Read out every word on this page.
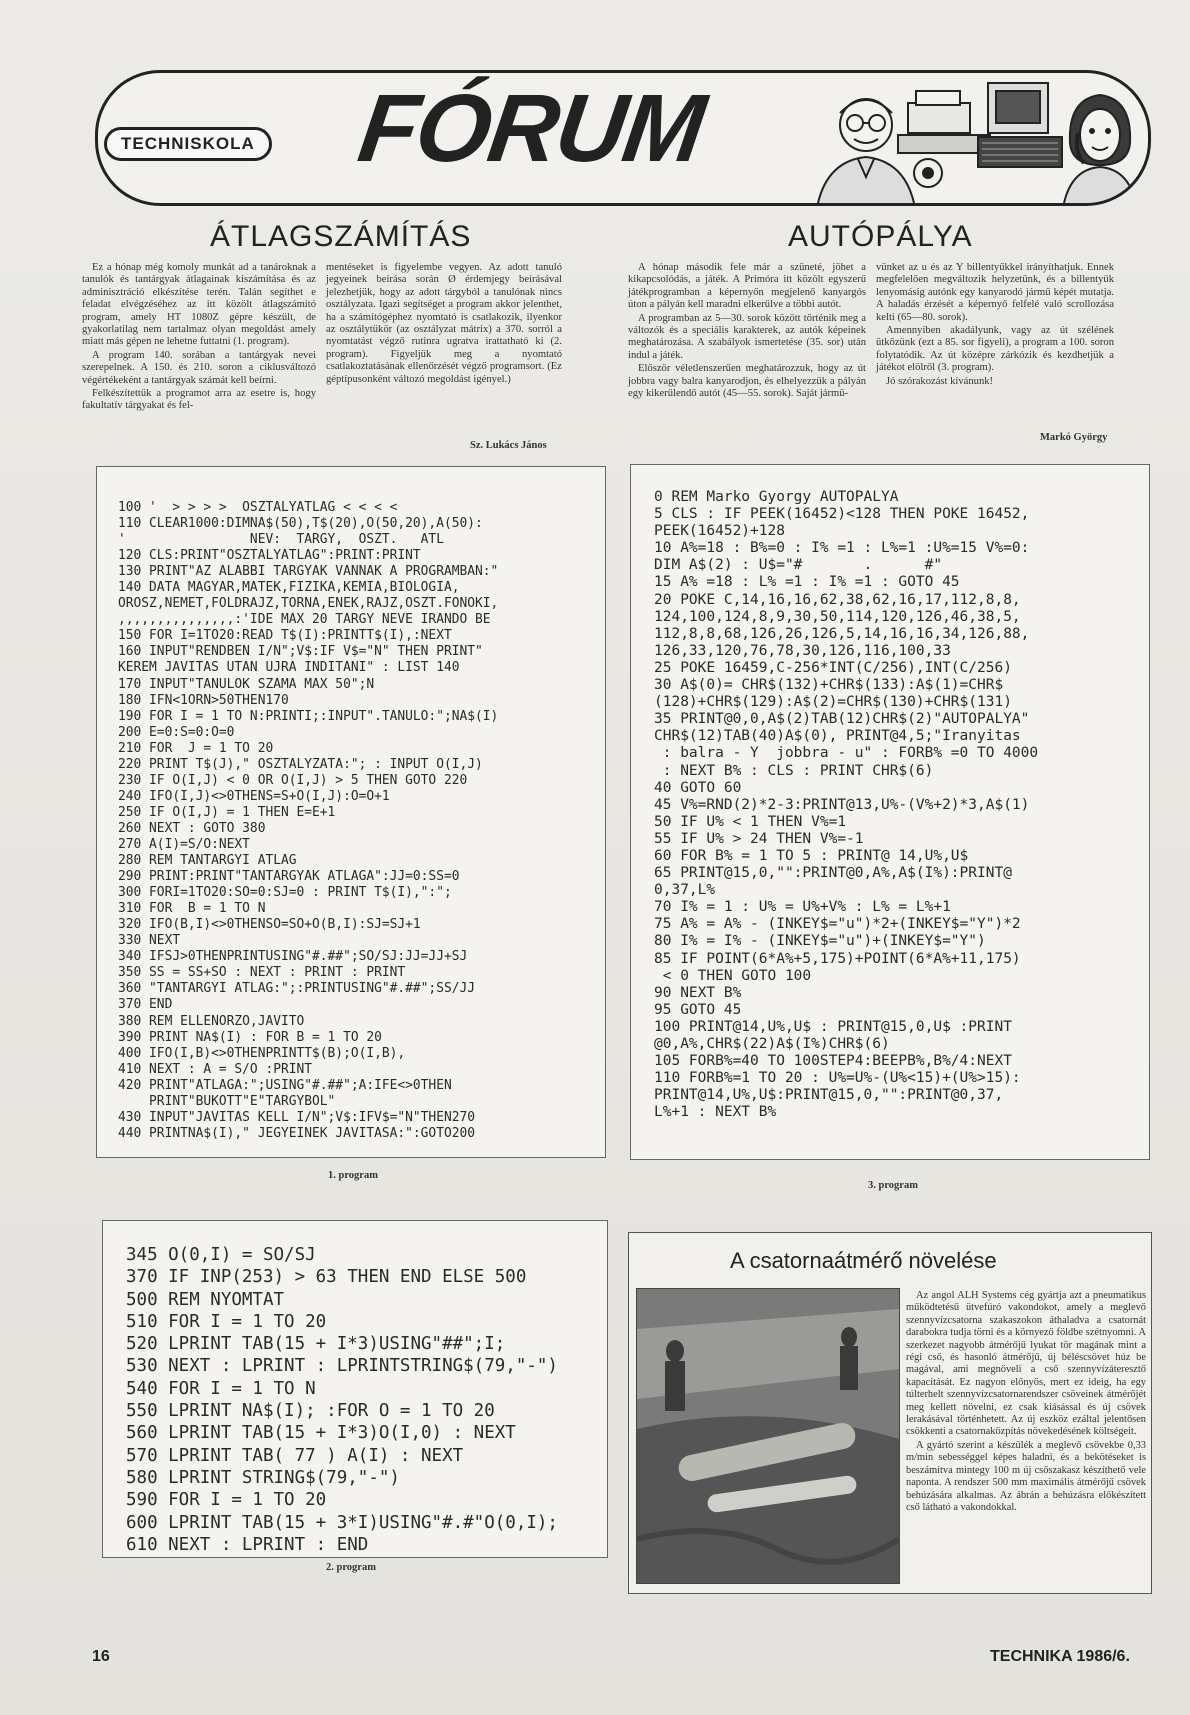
TECHNISKOLA FÓRUM
ÁTLAGSZÁMÍTÁS

Ez a hónap még komoly munkát ad a tanároknak a tanulók és tantárgyak átlagainak kiszámítása és az adminisztráció elkészítése terén. Talán segíthet e feladat elvégzéséhez az itt közölt átlagszámító program, amely HT 1080Z gépre készült, de gyakorlatilag nem tartalmaz olyan megoldást amely miatt más gépen ne lehetne futtatni (1. program).

A program 140. sorában a tantárgyak nevei szerepelnek. A 150. és 210. soron a ciklusváltozó végértékeként a tantárgyak számát kell beírni.

Felkészítettük a programot arra az esetre is, hogy fakultatív tárgyakat és fel-

mentéseket is figyelembe vegyen. Az adott tanuló jegyeinek beírása során Ø érdemjegy beírásával jelezhetjük, hogy az adott tárgyból a tanulónak nincs osztályzata. Igazi segítséget a program akkor jelenthet, ha a számítógéphez nyomtató is csatlakozik, ilyenkor az osztálytükör (az osztályzat mátrix) a 370. sorról a nyomtatást végző rutinra ugratva irattatható ki (2. program). Figyeljük meg a nyomtató csatlakoztatásának ellenőrzését végző programsort. (Ez géptípusonként változó megoldást igényel.)

Sz. Lukács János
AUTÓPÁLYA

A hónap második fele már a szüneté, jöhet a kikapcsolódás, a játék. A Primóra itt közölt egyszerű játékprogramban a képernyőn megjelenő kanyargós úton a pályán kell maradni elkerülve a többi autót.

A programban az 5—30. sorok között történik meg a változók és a speciális karakterek, az autók képeinek meghatározása. A szabályok ismertetése (35. sor) után indul a játék.

Először véletlenszerűen meghatározzuk, hogy az út jobbra vagy balra kanyarodjon, és elhelyezzük a pályán egy kikerülendő autót (45—55. sorok). Saját jármű-

vünket az u és az Y billentyűkkel irányíthatjuk. Ennek megfelelően megváltozik helyzetünk, és a billentyűk lenyomásig autónk egy kanyarodó jármű képét mutatja. A haladás érzését a képernyő felfelé való scrollozása kelti (65—80. sorok).

Amennyiben akadályunk, vagy az út szélének ütközünk (ezt a 85. sor figyeli), a program a 100. soron folytatódik. Az út középre zárkózik és kezdhetjük a játékot elölről (3. program).

Jó szórakozást kívánunk!

Markó György
100 '  > > > >  OSZTALYATLAG < < < <
110 CLEAR1000:DIMNA$(50),T$(20),O(50,20),A(50):
'                NEV:  TARGY,  OSZT.   ATL
120 CLS:PRINT"OSZTALYATLAG":PRINT:PRINT
130 PRINT"AZ ALABBI TARGYAK VANNAK A PROGRAMBAN:"
140 DATA MAGYAR,MATEK,FIZIKA,KEMIA,BIOLOGIA,
OROSZ,NEMET,FOLDRAJZ,TORNA,ENEK,RAJZ,OSZT.FONOKI,
,,,,,,,,,,,,,,,:'IDE MAX 20 TARGY NEVE IRANDO BE
150 FOR I=1TO20:READ T$(I):PRINTT$(I),:NEXT
160 INPUT"RENDBEN I/N";V$:IF V$="N" THEN PRINT"
KEREM JAVITAS UTAN UJRA INDITANI" : LIST 140
170 INPUT"TANULOK SZAMA MAX 50";N
180 IFN<1ORN>50THEN170
190 FOR I = 1 TO N:PRINTI;:INPUT".TANULO:";NA$(I)
200 E=0:S=0:O=0
210 FOR  J = 1 TO 20
220 PRINT T$(J)," OSZTALYZATA:"; : INPUT O(I,J)
230 IF O(I,J) < 0 OR O(I,J) > 5 THEN GOTO 220
240 IFO(I,J)<>0THENS=S+O(I,J):O=O+1
250 IF O(I,J) = 1 THEN E=E+1
260 NEXT : GOTO 380
270 A(I)=S/O:NEXT
280 REM TANTARGYI ATLAG
290 PRINT:PRINT"TANTARGYAK ATLAGA":JJ=0:SS=0
300 FORI=1TO20:SO=0:SJ=0 : PRINT T$(I),":";
310 FOR  B = 1 TO N
320 IFO(B,I)<>0THENSO=SO+O(B,I):SJ=SJ+1
330 NEXT
340 IFSJ>0THENPRINTUSING"#.##";SO/SJ:JJ=JJ+SJ
350 SS = SS+SO : NEXT : PRINT : PRINT
360 "TANTARGYI ATLAG:";:PRINTUSING"#.##";SS/JJ
370 END
380 REM ELLENORZO,JAVITO
390 PRINT NA$(I) : FOR B = 1 TO 20
400 IFO(I,B)<>0THENPRINTT$(B);O(I,B),
410 NEXT : A = S/O :PRINT
420 PRINT"ATLAGA:";USING"#.##";A:IFE<>0THEN
PRINT"BUKOTT"E"TARGYBOL"
430 INPUT"JAVITAS KELL I/N";V$:IFV$="N"THEN270
440 PRINTNA$(I)," JEGYEINEK JAVITASA:":GOTO200
1. program
0 REM Marko Gyorgy AUTOPALYA
5 CLS : IF PEEK(16452)<128 THEN POKE 16452,
PEEK(16452)+128
10 A%=18 : B%=0 : I% =1 : L%=1 :U%=15 V%=0:
DIM A$(2) : U$="#       .      #"
15 A% =18 : L% =1 : I% =1 : GOTO 45
20 POKE C,14,16,16,62,38,62,16,17,112,8,8,
124,100,124,8,9,30,50,114,120,126,46,38,5,
112,8,8,68,126,26,126,5,14,16,16,34,126,88,
126,33,120,76,78,30,126,116,100,33
25 POKE 16459,C-256*INT(C/256),INT(C/256)
30 A$(0)= CHR$(132)+CHR$(133):A$(1)=CHR$
(128)+CHR$(129):A$(2)=CHR$(130)+CHR$(131)
35 PRINT@0,0,A$(2)TAB(12)CHR$(2)"AUTOPALYA"
CHR$(12)TAB(40)A$(0), PRINT@4,5;"Iranyitas
: balra - Y  jobbra - u" : FORB% =0 TO 4000
: NEXT B% : CLS : PRINT CHR$(6)
40 GOTO 60
45 V%=RND(2)*2-3:PRINT@13,U%-(V%+2)*3,A$(1)
50 IF U% < 1 THEN V%=1
55 IF U% > 24 THEN V%=-1
60 FOR B% = 1 TO 5 : PRINT@ 14,U%,U$
65 PRINT@15,0,"":PRINT@0,A%,A$(I%):PRINT@
0,37,L%
70 I% = 1 : U% = U%+V% : L% = L%+1
75 A% = A% - (INKEY$="u")*2+(INKEY$="Y")*2
80 I% = I% - (INKEY$="u")+(INKEY$="Y")
85 IF POINT(6*A%+5,175)+POINT(6*A%+11,175)
< 0 THEN GOTO 100
90 NEXT B%
95 GOTO 45
100 PRINT@14,U%,U$ : PRINT@15,0,U$ :PRINT
@0,A%,CHR$(22)A$(I%)CHR$(6)
105 FORB%=40 TO 100STEP4:BEEPB%,B%/4:NEXT
110 FORB%=1 TO 20 : U%=U%-(U%<15)+(U%>15):
PRINT@14,U%,U$:PRINT@15,0,"":PRINT@0,37,
L%+1 : NEXT B%
3. program
345 O(0,I) = SO/SJ
370 IF INP(253) > 63 THEN END ELSE 500
500 REM NYOMTAT
510 FOR I = 1 TO 20
520 LPRINT TAB(15 + I*3)USING"##";I;
530 NEXT : LPRINT : LPRINTSTRING$(79,"-")
540 FOR I = 1 TO N
550 LPRINT NA$(I); :FOR O = 1 TO 20
560 LPRINT TAB(15 + I*3)O(I,0) : NEXT
570 LPRINT TAB( 77 ) A(I) : NEXT
580 LPRINT STRING$(79,"-")
590 FOR I = 1 TO 20
600 LPRINT TAB(15 + 3*I)USING"#.#"O(0,I);
610 NEXT : LPRINT : END
2. program
A csatornaátmérő növelése

Az angol ALH Systems cég gyártja azt a pneumatikus működtetésű ütvefúró vakondokot, amely a meglevő szennyvízcsatorna szakaszokon áthaladva a csatornát darabokra tudja törni és a környező földbe szétnyomni. A szerkezet nagyobb átmérőjű lyukat tör magának mint a régi cső, és hasonló átmérőjű, új béléscsövet húz be magával, ami megnöveli a cső szennyvízáteresztő kapacitását. Ez nagyon előnyös, mert ez ideig, ha egy túlterhelt szennyvízcsatornarendszer csöveinek átmérőjét meg kellett növelni, ez csak kiásással és új csövek lerakásával történhetett. Az új eszköz ezáltal jelentősen csökkenti a csatornaközpítás növekedésének költségeit.

A gyártó szerint a készülék a meglevő csövekbe 0,33 m/min sebességgel képes haladni, és a bekötéseket is beszámítva mintegy 100 m új csőszakasz készíthető vele naponta. A rendszer 500 mm maximális átmérőjű csövek behúzására alkalmas. Az ábrán a behúzásra előkészített cső látható a vakondokkal.

16	TECHNIKA 1986/6.
